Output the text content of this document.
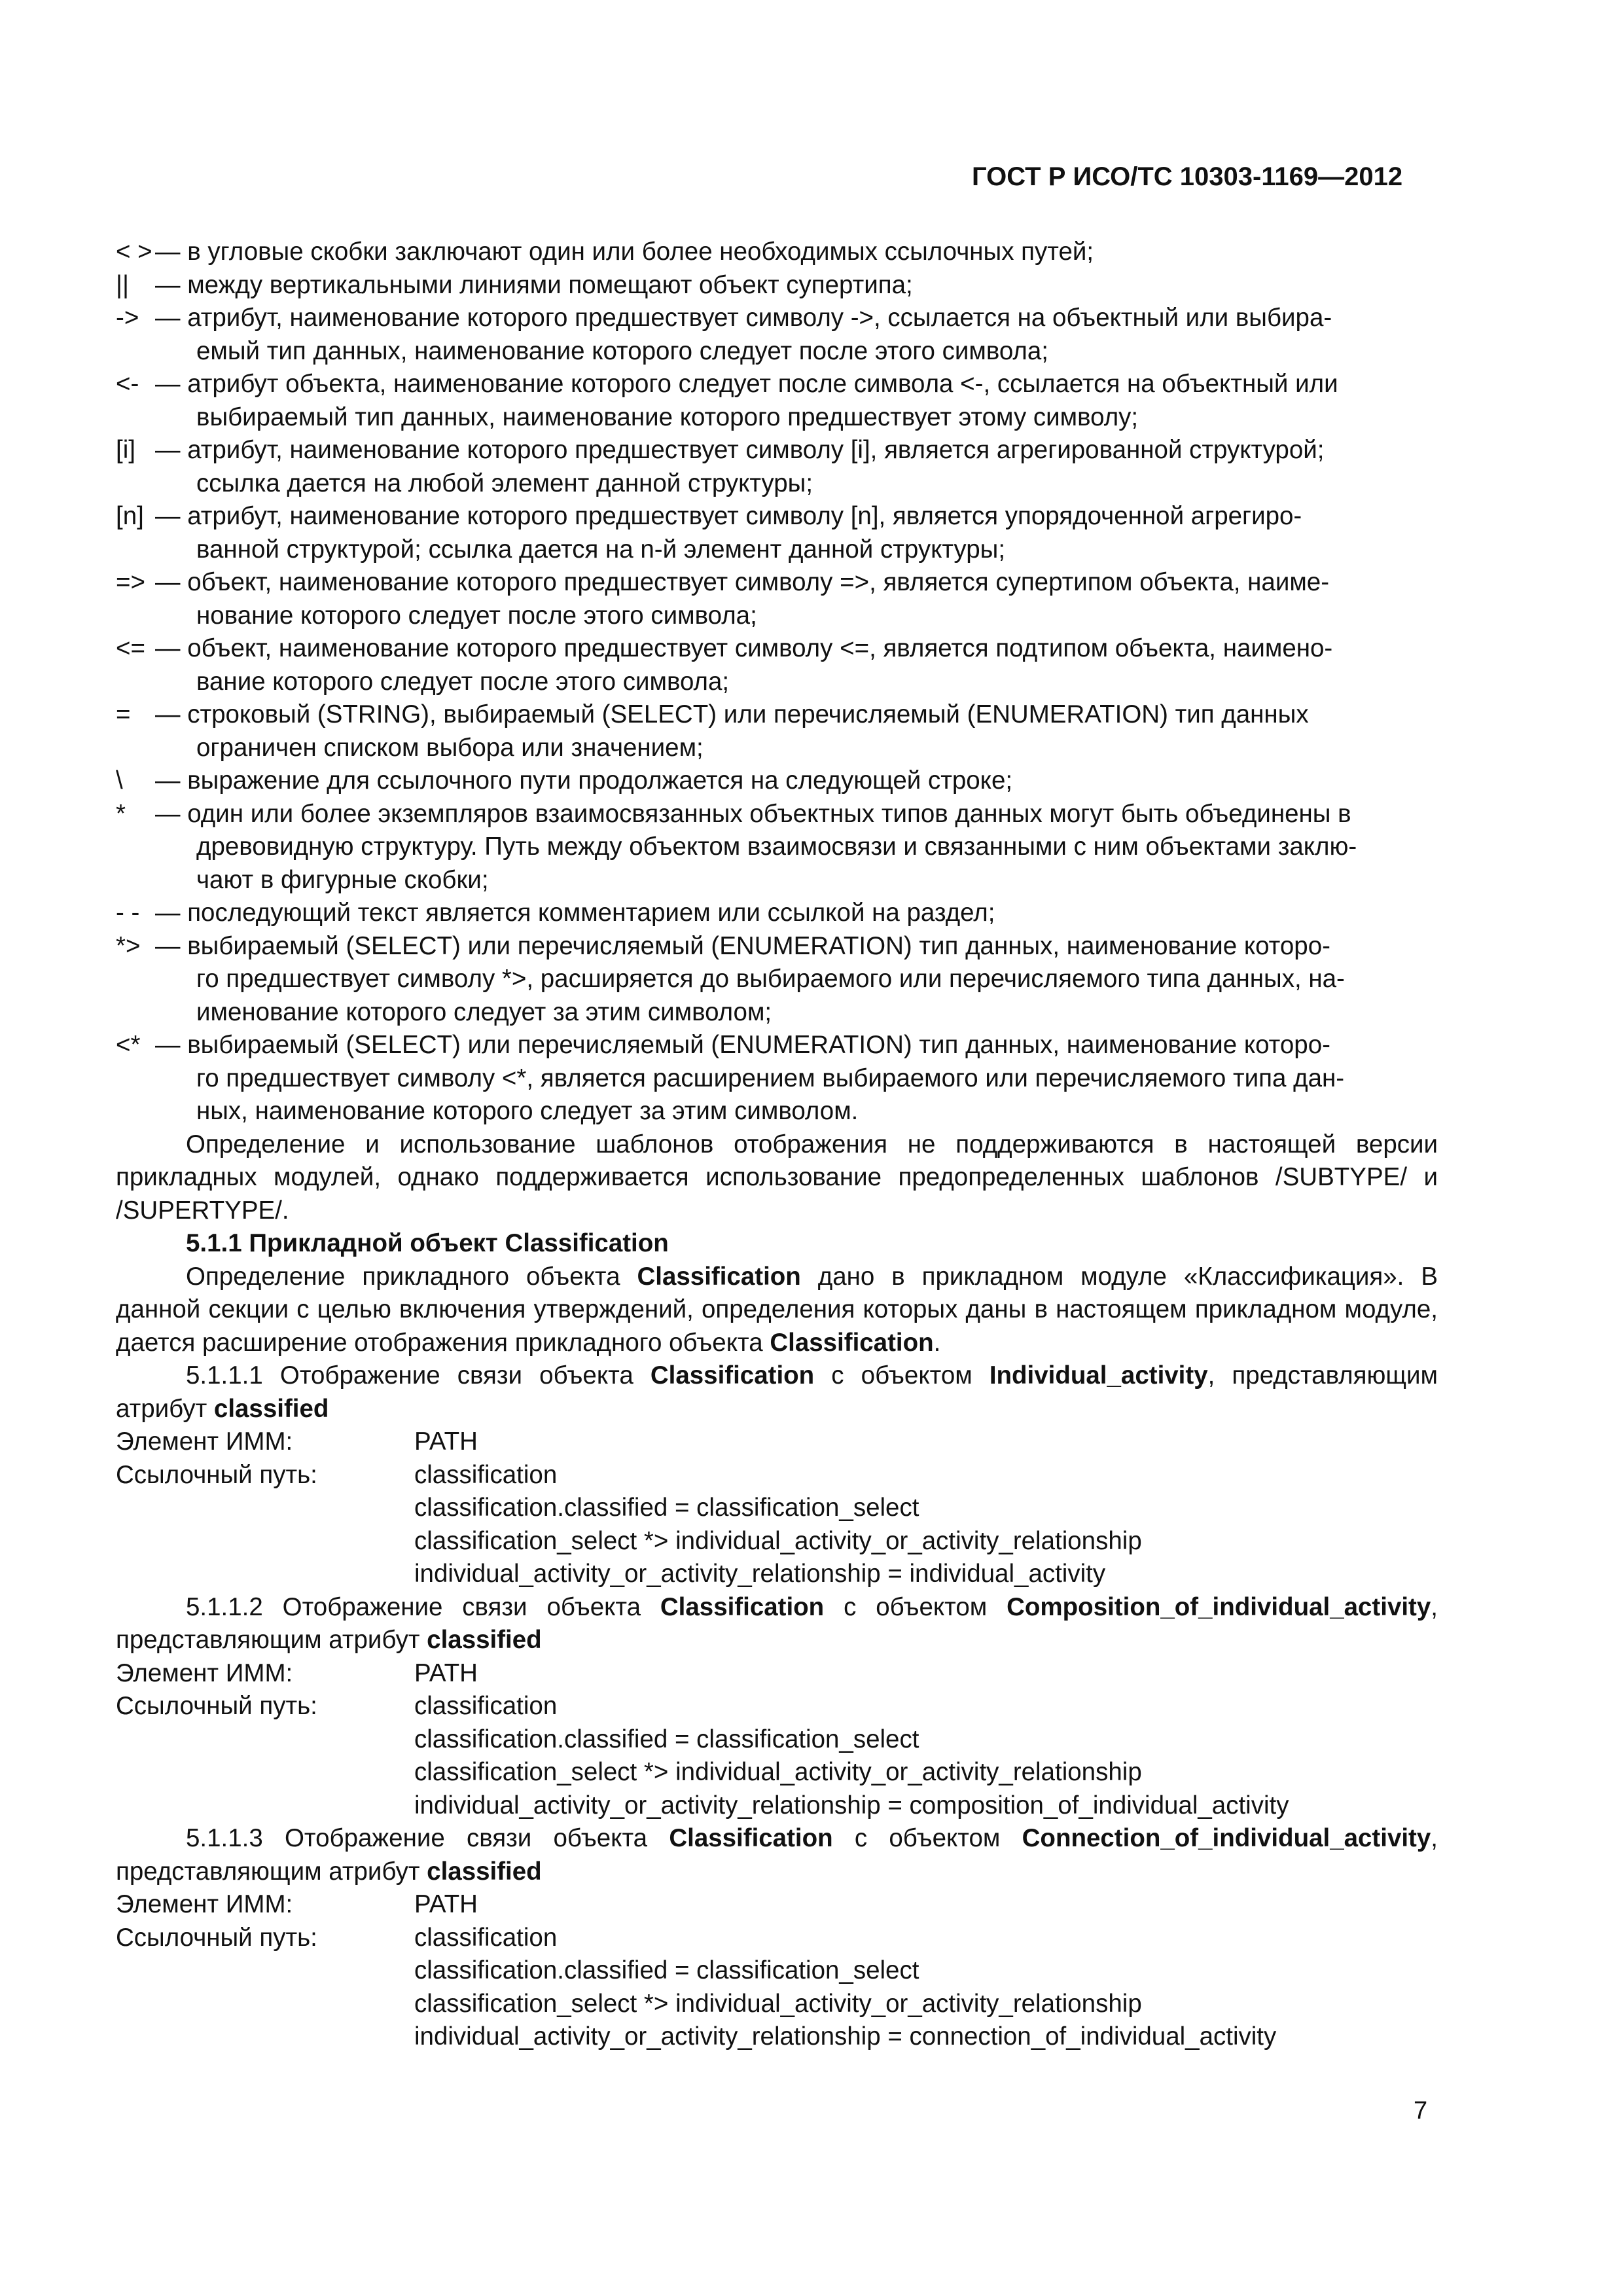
ГОСТ Р ИСО/ТС 10303-1169—2012
< > — в угловые скобки заключают один или более необходимых ссылочных путей;
||	— между вертикальными линиями помещают объект супертипа;
-> — атрибут, наименование которого предшествует символу ->, ссылается на объектный или выбира-
емый тип данных, наименование которого следует после этого символа;
<- — атрибут объекта, наименование которого следует после символа <-, ссылается на объектный или
выбираемый тип данных, наименование которого предшествует этому символу;
[i] — атрибут, наименование которого предшествует символу [i], является агрегированной структурой;
ссылка дается на любой элемент данной структуры;
[n] — атрибут, наименование которого предшествует символу [n], является упорядоченной агрегиро-
ванной структурой; ссылка дается на n-й элемент данной структуры;
=> — объект, наименование которого предшествует символу =>, является супертипом объекта, наиме-
нование которого следует после этого символа;
<= — объект, наименование которого предшествует символу <=, является подтипом объекта, наимено-
вание которого следует после этого символа;
= — строковый (STRING), выбираемый (SELECT) или перечисляемый (ENUMERATION) тип данных
ограничен списком выбора или значением;
\	— выражение для ссылочного пути продолжается на следующей строке;
*	— один или более экземпляров взаимосвязанных объектных типов данных могут быть объединены в
древовидную структуру. Путь между объектом взаимосвязи и связанными с ним объектами заклю-
чают в фигурные скобки;
- - — последующий текст является комментарием или ссылкой на раздел;
*> — выбираемый (SELECT) или перечисляемый (ENUMERATION) тип данных, наименование которо-
го предшествует символу *>, расширяется до выбираемого или перечисляемого типа данных, на-
именование которого следует за этим символом;
<* — выбираемый (SELECT) или перечисляемый (ENUMERATION) тип данных, наименование которо-
го предшествует символу <*, является расширением выбираемого или перечисляемого типа дан-
ных, наименование которого следует за этим символом.

Определение и использование шаблонов отображения не поддерживаются в настоящей версии прикладных модулей, однако поддерживается использование предопределенных шаблонов /SUBTYPE/ и /SUPERTYPE/.

5.1.1 Прикладной объект Classification

Определение прикладного объекта Classification дано в прикладном модуле «Классификация». В данной секции с целью включения утверждений, определения которых даны в настоящем прикладном модуле, дается расширение отображения прикладного объекта Classification.

5.1.1.1 Отображение связи объекта Classification с объектом Individual_activity, представляющим атрибут classified

Элемент ИММ:	PATH
Ссылочный путь:	classification
classification.classified = classification_select
classification_select *> individual_activity_or_activity_relationship
individual_activity_or_activity_relationship = individual_activity

5.1.1.2 Отображение связи объекта Classification с объектом Composition_of_individual_activity, представляющим атрибут classified

Элемент ИММ:	PATH
Ссылочный путь:	classification
classification.classified = classification_select
classification_select *> individual_activity_or_activity_relationship
individual_activity_or_activity_relationship = composition_of_individual_activity

5.1.1.3 Отображение связи объекта Classification с объектом Connection_of_individual_activity, представляющим атрибут classified

Элемент ИММ:	PATH
Ссылочный путь:	classification
classification.classified = classification_select
classification_select *> individual_activity_or_activity_relationship
individual_activity_or_activity_relationship = connection_of_individual_activity
7
